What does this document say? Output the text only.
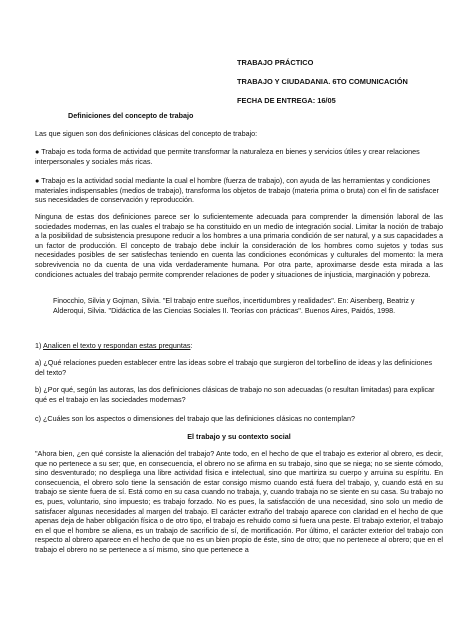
TRABAJO PRÁCTICO
TRABAJO Y CIUDADANIA. 6TO COMUNICACIÓN
FECHA DE ENTREGA: 16/05
Definiciones del concepto de trabajo
Las que siguen son dos definiciones clásicas del concepto de trabajo:
● Trabajo es toda forma de actividad que permite transformar la naturaleza en bienes y servicios útiles y crear relaciones interpersonales y sociales más ricas.
● Trabajo es la actividad social mediante la cual el hombre (fuerza de trabajo), con ayuda de las herramientas y condiciones materiales indispensables (medios de trabajo), transforma los objetos de trabajo (materia prima o bruta) con el fin de satisfacer sus necesidades de conservación y reproducción.
Ninguna de estas dos definiciones parece ser lo suficientemente adecuada para comprender la dimensión laboral de las sociedades modernas, en las cuales el trabajo se ha constituido en un medio de integración social. Limitar la noción de trabajo a la posibilidad de subsistencia presupone reducir a los hombres a una primaria condición de ser natural, y a sus capacidades a un factor de producción. El concepto de trabajo debe incluir la consideración de los hombres como sujetos y todas sus necesidades posibles de ser satisfechas teniendo en cuenta las condiciones económicas y culturales del momento: la mera sobrevivencia no da cuenta de una vida verdaderamente humana. Por otra parte, aproximarse desde esta mirada a las condiciones actuales del trabajo permite comprender relaciones de poder y situaciones de injusticia, marginación y pobreza.
Finocchio, Silvia y Gojman, Silvia. "El trabajo entre sueños, incertidumbres y realidades". En: Aisenberg, Beatriz y Alderoqui, Silvia. "Didáctica de las Ciencias Sociales II. Teorías con prácticas". Buenos Aires, Paidós, 1998.
1) Analicen el texto y respondan estas preguntas:
a) ¿Qué relaciones pueden establecer entre las ideas sobre el trabajo que surgieron del torbellino de ideas y las definiciones del texto?
b) ¿Por qué, según las autoras, las dos definiciones clásicas de trabajo no son adecuadas (o resultan limitadas) para explicar qué es el trabajo en las sociedades modernas?
c) ¿Cuáles son los aspectos o dimensiones del trabajo que las definiciones clásicas no contemplan?
El trabajo y su contexto social
"Ahora bien, ¿en qué consiste la alienación del trabajo? Ante todo, en el hecho de que el trabajo es exterior al obrero, es decir, que no pertenece a su ser; que, en consecuencia, el obrero no se afirma en su trabajo, sino que se niega; no se siente cómodo, sino desventurado; no despliega una libre actividad física e intelectual, sino que martiriza su cuerpo y arruina su espíritu. En consecuencia, el obrero solo tiene la sensación de estar consigo mismo cuando está fuera del trabajo, y, cuando está en su trabajo se siente fuera de sí. Está como en su casa cuando no trabaja, y, cuando trabaja no se siente en su casa. Su trabajo no es, pues, voluntario, sino impuesto; es trabajo forzado. No es pues, la satisfacción de una necesidad, sino solo un medio de satisfacer algunas necesidades al margen del trabajo. El carácter extraño del trabajo aparece con claridad en el hecho de que apenas deja de haber obligación física o de otro tipo, el trabajo es rehuido como si fuera una peste. El trabajo exterior, el trabajo en el que el hombre se aliena, es un trabajo de sacrificio de sí, de mortificación. Por último, el carácter exterior del trabajo con respecto al obrero aparece en el hecho de que no es un bien propio de éste, sino de otro; que no pertenece al obrero; que en el trabajo el obrero no se pertenece a sí mismo, sino que pertenece a
